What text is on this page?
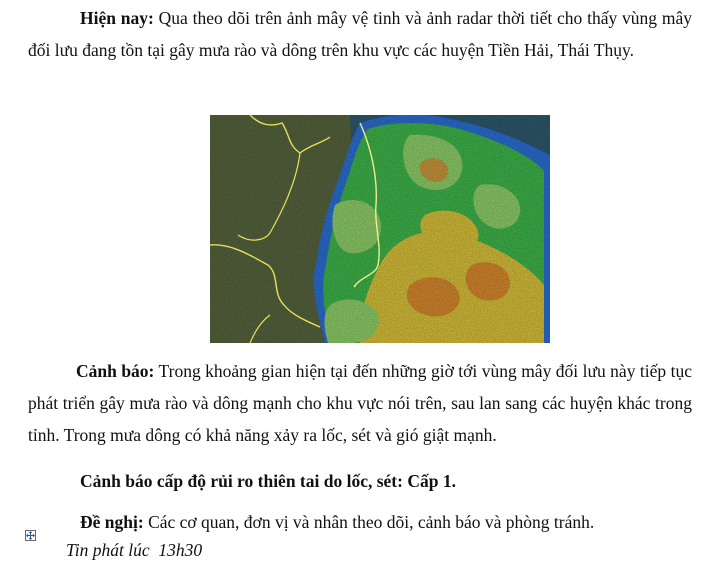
Hiện nay: Qua theo dõi trên ảnh mây vệ tinh và ảnh radar thời tiết cho thấy vùng mây đối lưu đang tồn tại gây mưa rào và dông trên khu vực các huyện Tiền Hải, Thái Thụy.
Cảnh báo: Trong khoảng gian hiện tại đến những giờ tới vùng mây đối lưu này tiếp tục phát triển gây mưa rào và dông mạnh cho khu vực nói trên, sau lan sang các huyện khác trong tỉnh. Trong mưa dông có khả năng xảy ra lốc, sét và gió giật mạnh.
Cảnh báo cấp độ rủi ro thiên tai do lốc, sét: Cấp 1.
Đề nghị: Các cơ quan, đơn vị và nhân theo dõi, cảnh báo và phòng tránh.
Tin phát lúc  13h30
